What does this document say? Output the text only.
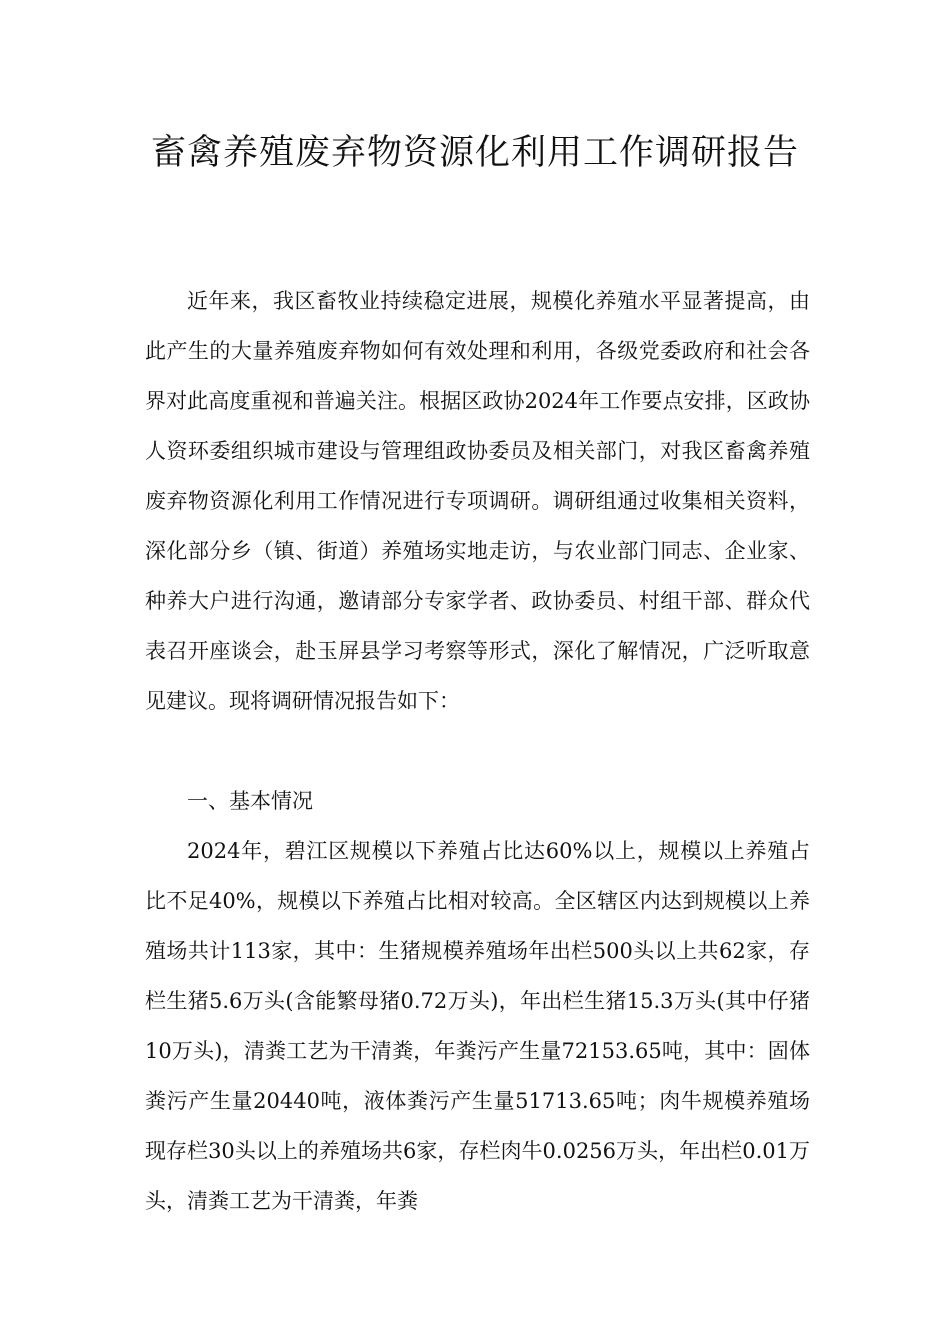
畜禽养殖废弃物资源化利用工作调研报告

近年来，我区畜牧业持续稳定进展，规模化养殖水平显著提高，由此产生的大量养殖废弃物如何有效处理和利用，各级党委政府和社会各界对此高度重视和普遍关注。根据区政协2024年工作要点安排，区政协人资环委组织城市建设与管理组政协委员及相关部门，对我区畜禽养殖废弃物资源化利用工作情况进行专项调研。调研组通过收集相关资料，深化部分乡（镇、街道）养殖场实地走访，与农业部门同志、企业家、种养大户进行沟通，邀请部分专家学者、政协委员、村组干部、群众代表召开座谈会，赴玉屏县学习考察等形式，深化了解情况，广泛听取意见建议。现将调研情况报告如下：

一、基本情况

2024年，碧江区规模以下养殖占比达60%以上，规模以上养殖占比不足40%，规模以下养殖占比相对较高。全区辖区内达到规模以上养殖场共计113家，其中：生猪规模养殖场年出栏500头以上共62家，存栏生猪5.6万头(含能繁母猪0.72万头)，年出栏生猪15.3万头(其中仔猪10万头)，清粪工艺为干清粪，年粪污产生量72153.65吨，其中：固体粪污产生量20440吨，液体粪污产生量51713.65吨；肉牛规模养殖场现存栏30头以上的养殖场共6家，存栏肉牛0.0256万头，年出栏0.01万头，清粪工艺为干清粪，年粪
